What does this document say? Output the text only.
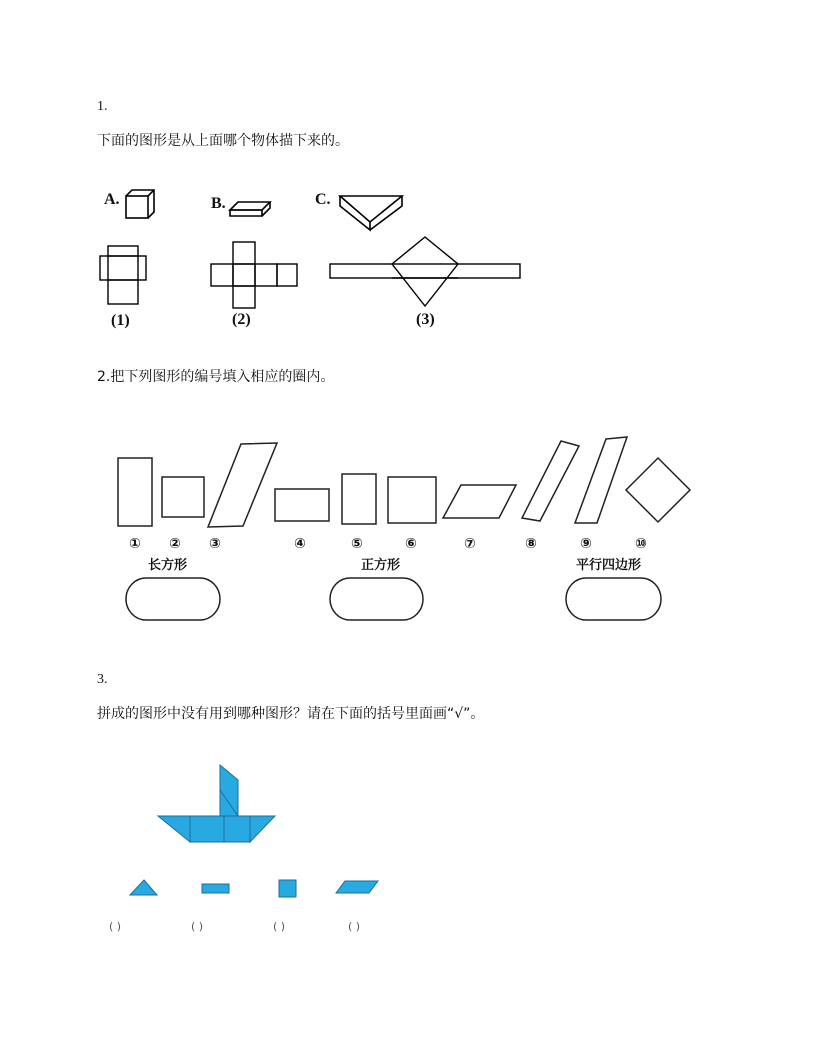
1.
下面的图形是从上面哪个物体描下来的。
A.	B.	C.
(1)	(2)	(3)
2.把下列图形的编号填入相应的圈内。
① ② ③	④	⑤	⑥	⑦	⑧	⑨	⑩
长方形	正方形	平行四边形
3.
拼成的图形中没有用到哪种图形？请在下面的括号里面画“√”。
( )	( )	( )	( )
